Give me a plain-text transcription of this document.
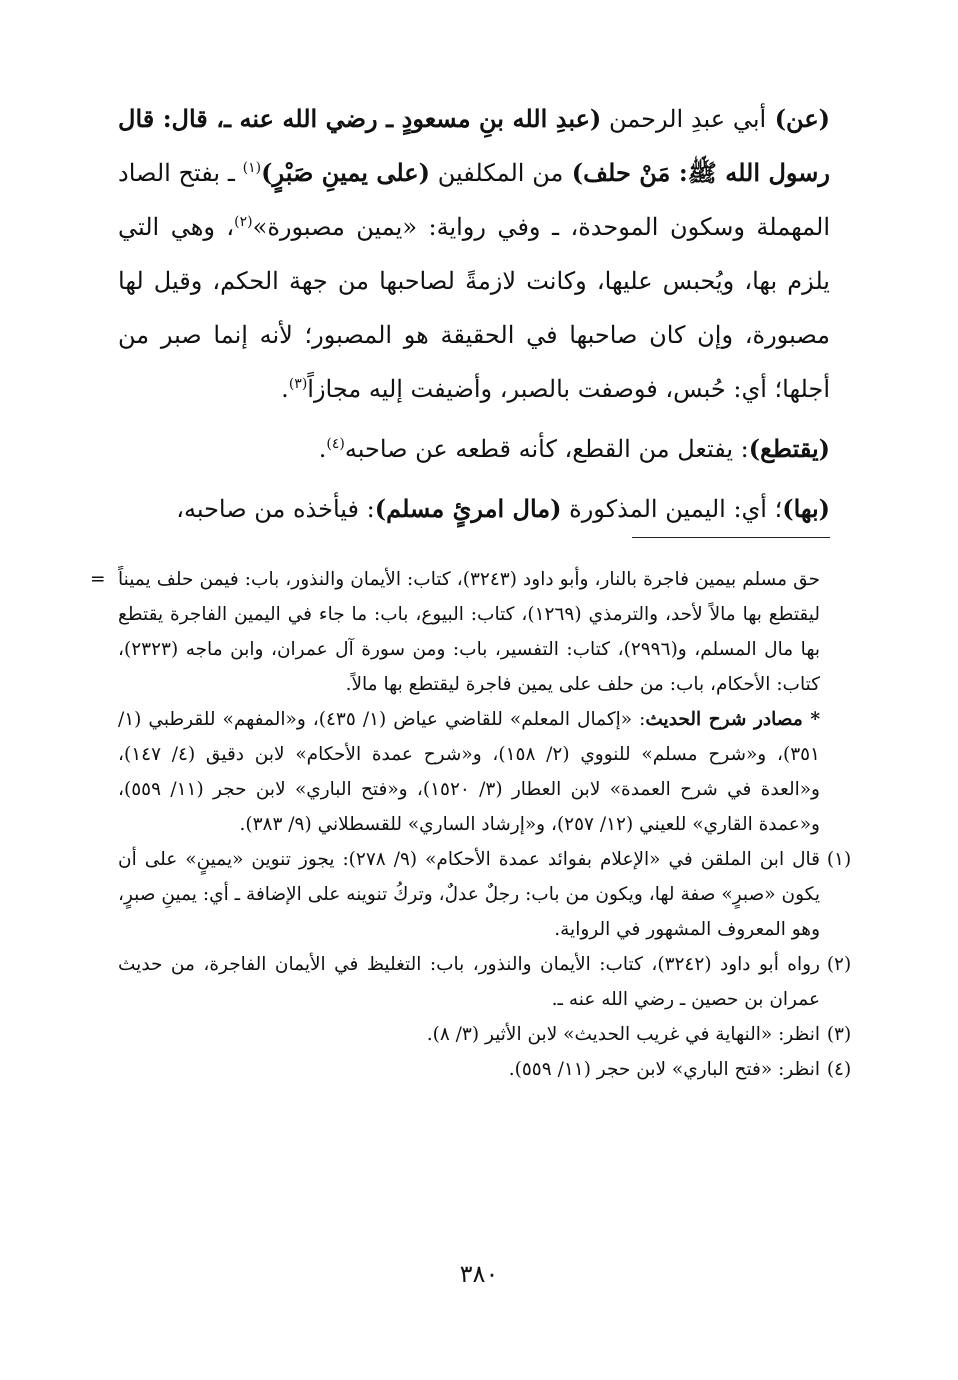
(عن) أبي عبدِ الرحمن (عبدِ الله بنِ مسعودٍ ـ رضي الله عنه ـ، قال: قال رسول الله ﷺ: مَنْ حلف) من المكلفين (على يمينِ صَبْرٍ)$^{(١)}$ ـ بفتح الصاد المهملة وسكون الموحدة، ـ وفي رواية: «يمين مصبورة»$^{(٢)}$، وهي التي يلزم بها، ويُحبس عليها، وكانت لازمةً لصاحبها من جهة الحكم، وقيل لها مصبورة، وإن كان صاحبها في الحقيقة هو المصبور؛ لأنه إنما صبر من أجلها؛ أي: حُبس، فوصفت بالصبر، وأضيفت إليه مجازاً$^{(٣)}$.

(يقتطع): يفتعل من القطع، كأنه قطعه عن صاحبه$^{(٤)}$.

(بها)؛ أي: اليمين المذكورة (مال امرئٍ مسلم): فيأخذه من صاحبه،

= حق مسلم بيمين فاجرة بالنار، وأبو داود (٣٢٤٣)، كتاب: الأيمان والنذور، باب: فيمن حلف يميناً ليقتطع بها مالاً لأحد، والترمذي (١٢٦٩)، كتاب: البيوع، باب: ما جاء في اليمين الفاجرة يقتطع بها مال المسلم، و(٢٩٩٦)، كتاب: التفسير، باب: ومن سورة آل عمران، وابن ماجه (٢٣٢٣)، كتاب: الأحكام، باب: من حلف على يمين فاجرة ليقتطع بها مالاً.

* مصادر شرح الحديث: «إكمال المعلم» للقاضي عياض (١/ ٤٣٥)، و«المفهم» للقرطبي (١/ ٣٥١)، و«شرح مسلم» للنووي (٢/ ١٥٨)، و«شرح عمدة الأحكام» لابن دقيق (٤/ ١٤٧)، و«العدة في شرح العمدة» لابن العطار (٣/ ١٥٢٠)، و«فتح الباري» لابن حجر (١١/ ٥٥٩)، و«عمدة القاري» للعيني (١٢/ ٢٥٧)، و«إرشاد الساري» للقسطلاني (٩/ ٣٨٣).

(١)
قال ابن الملقن في «الإعلام بفوائد عمدة الأحكام» (٩/ ٢٧٨): يجوز تنوين «يمينٍ» على أن يكون «صبرٍ» صفة لها، ويكون من باب: رجلٌ عدلٌ، وتركُ تنوينه على الإضافة ـ أي: يمينِ صبرٍ، وهو المعروف المشهور في الرواية.

(٢)
رواه أبو داود (٣٢٤٢)، كتاب: الأيمان والنذور، باب: التغليظ في الأيمان الفاجرة، من حديث عمران بن حصين ـ رضي الله عنه ـ.

(٣)
انظر: «النهاية في غريب الحديث» لابن الأثير (٣/ ٨).

(٤)
انظر: «فتح الباري» لابن حجر (١١/ ٥٥٩).

٣٨٠
